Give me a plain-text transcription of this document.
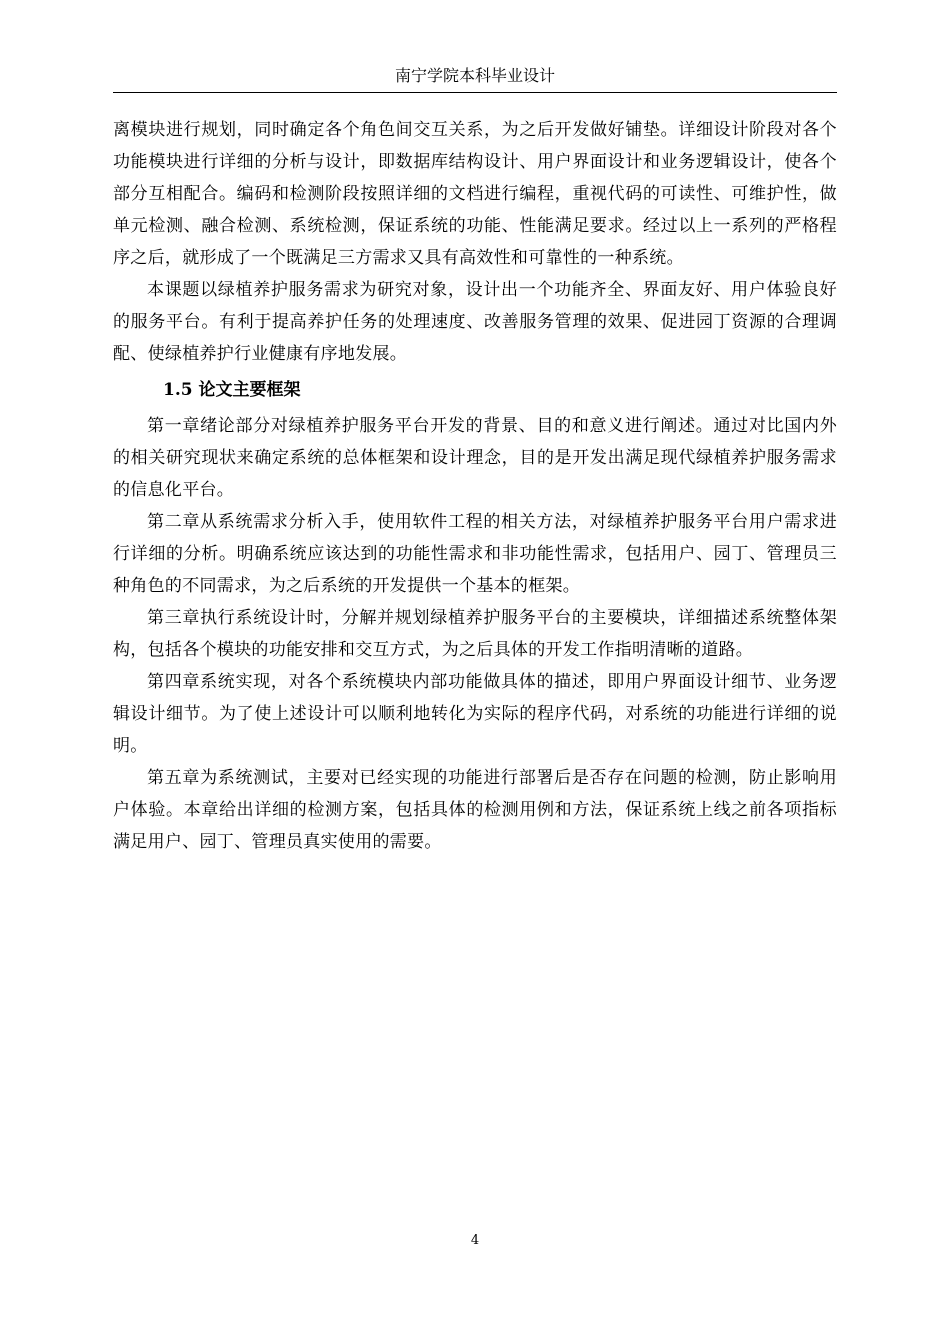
南宁学院本科毕业设计

离模块进行规划，同时确定各个角色间交互关系，为之后开发做好铺垫。详细设计阶段对各个功能模块进行详细的分析与设计，即数据库结构设计、用户界面设计和业务逻辑设计，使各个部分互相配合。编码和检测阶段按照详细的文档进行编程，重视代码的可读性、可维护性，做单元检测、融合检测、系统检测，保证系统的功能、性能满足要求。经过以上一系列的严格程序之后，就形成了一个既满足三方需求又具有高效性和可靠性的一种系统。

本课题以绿植养护服务需求为研究对象，设计出一个功能齐全、界面友好、用户体验良好的服务平台。有利于提高养护任务的处理速度、改善服务管理的效果、促进园丁资源的合理调配、使绿植养护行业健康有序地发展。

1.5 论文主要框架

第一章绪论部分对绿植养护服务平台开发的背景、目的和意义进行阐述。通过对比国内外的相关研究现状来确定系统的总体框架和设计理念，目的是开发出满足现代绿植养护服务需求的信息化平台。

第二章从系统需求分析入手，使用软件工程的相关方法，对绿植养护服务平台用户需求进行详细的分析。明确系统应该达到的功能性需求和非功能性需求，包括用户、园丁、管理员三种角色的不同需求，为之后系统的开发提供一个基本的框架。

第三章执行系统设计时，分解并规划绿植养护服务平台的主要模块，详细描述系统整体架构，包括各个模块的功能安排和交互方式，为之后具体的开发工作指明清晰的道路。

第四章系统实现，对各个系统模块内部功能做具体的描述，即用户界面设计细节、业务逻辑设计细节。为了使上述设计可以顺利地转化为实际的程序代码，对系统的功能进行详细的说明。

第五章为系统测试，主要对已经实现的功能进行部署后是否存在问题的检测，防止影响用户体验。本章给出详细的检测方案，包括具体的检测用例和方法，保证系统上线之前各项指标满足用户、园丁、管理员真实使用的需要。

4
